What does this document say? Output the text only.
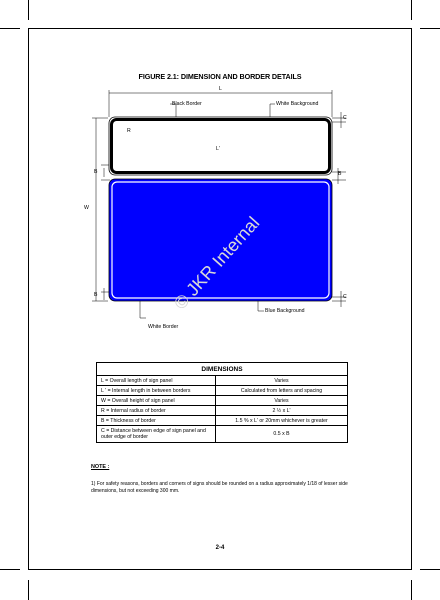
FIGURE 2.1: DIMENSION AND BORDER DETAILS
L
L'
W
R
B
B
B
C
C
Black Border	White Background
Blue Background
White Border
© JKR Internal
DIMENSIONS	
L = Overall length of sign panel	Varies
L ' = Internal length in between borders	Calculated from letters and spacing
W = Overall height of sign panel	Varies
R = Internal radius of border	2 ½ x L'
B = Thickness of border	1.5 % x L' or 20mm whichever is greater
C = Distance between edge of sign panel and outer edge of border	0.5 x B
NOTE :
1) For safety reasons, borders and corners of signs should be rounded on a radius approximately 1/18 of lesser side dimensions, but not exceeding 300 mm.
2-4
